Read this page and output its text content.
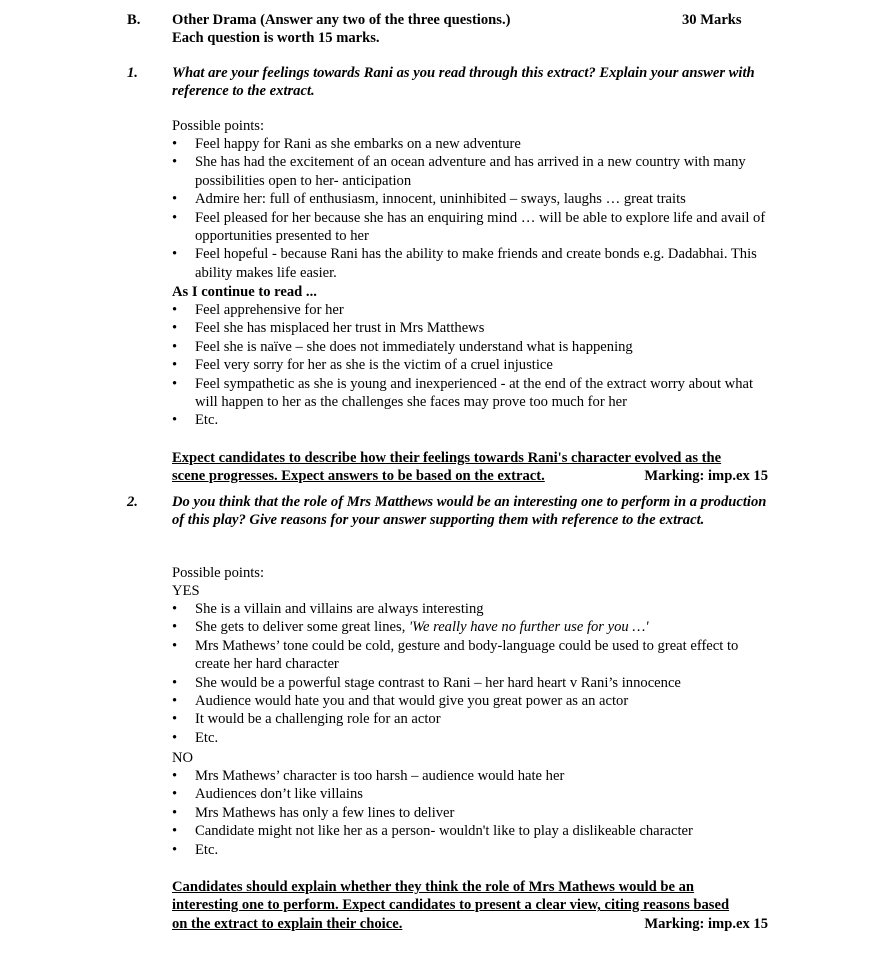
B. Other Drama (Answer any two of the three questions.)	30 Marks
Each question is worth 15 marks.
1. What are your feelings towards Rani as you read through this extract? Explain your answer with reference to the extract.
Possible points:
•	Feel happy for Rani as she embarks on a new adventure
•	She has had the excitement of an ocean adventure and has arrived in a new country with many possibilities open to her- anticipation
•	Admire her: full of enthusiasm, innocent, uninhibited – sways, laughs … great traits
•	Feel pleased for her because she has an enquiring mind … will be able to explore life and avail of opportunities presented to her
•	Feel hopeful - because Rani has the ability to make friends and create bonds e.g. Dadabhai. This ability makes life easier.
As I continue to read ...
•	Feel apprehensive for her
•	Feel she has misplaced her trust in Mrs Matthews
•	Feel she is naïve – she does not immediately understand what is happening
•	Feel very sorry for her as she is the victim of a cruel injustice
•	Feel sympathetic as she is young and inexperienced - at the end of the extract worry about what will happen to her as the challenges she faces may prove too much for her
•	Etc.
Expect candidates to describe how their feelings towards Rani's character evolved as the
scene progresses. Expect answers to be based on the extract.	Marking: imp.ex 15
2. Do you think that the role of Mrs Matthews would be an interesting one to perform in a production of this play? Give reasons for your answer supporting them with reference to the extract.
Possible points:
YES
•	She is a villain and villains are always interesting
•	She gets to deliver some great lines, 'We really have no further use for you …'
•	Mrs Mathews’ tone could be cold, gesture and body-language could be used to great effect to create her hard character
•	She would be a powerful stage contrast to Rani – her hard heart v Rani’s innocence
•	Audience would hate you and that would give you great power as an actor
•	It would be a challenging role for an actor
•	Etc.
NO
•	Mrs Mathews’ character is too harsh – audience would hate her
•	Audiences don’t like villains
•	Mrs Mathews has only a few lines to deliver
•	Candidate might not like her as a person- wouldn't like to play a dislikeable character
•	Etc.
Candidates should explain whether they think the role of Mrs Mathews would be an
interesting one to perform. Expect candidates to present a clear view, citing reasons based
on the extract to explain their choice.	Marking: imp.ex 15
